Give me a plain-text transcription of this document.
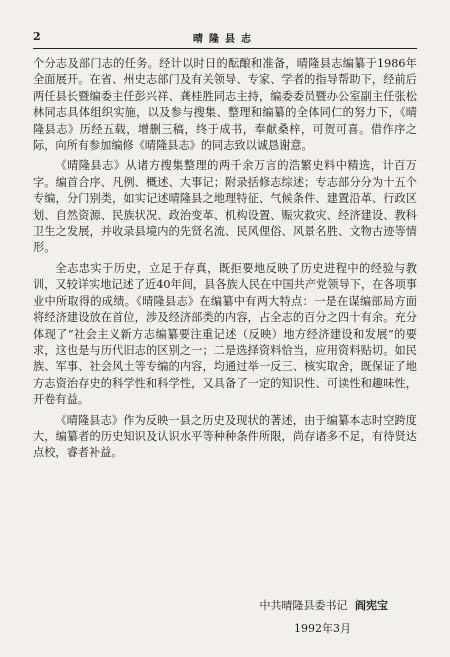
2	晴隆县志

个分志及部门志的任务。经计以时日的酝酿和准备，晴隆县志编纂于1986年全面展开。在省、州史志部门及有关领导、专家、学者的指导帮助下，经前后两任县长暨编委主任彭兴祥、龚桂胜同志主持，编委委员暨办公室副主任张松林同志具体组织实施，以及参与搜集、整理和编纂的全体同仁的努力下，《晴隆县志》历经五载，增删三稿，终于成书，奉献桑梓，可贺可喜。借作序之际，向所有参加编修《晴隆县志》的同志致以诚恳谢意。

《晴隆县志》从诸方搜集整理的两千余万言的浩繁史料中精选，计百万字。编首合序、凡例、概述、大事记；附录括修志综述；专志部分分为十五个专编，分门别类，如实记述晴隆县之地理特征、气候条件、建置沿革、行政区划、自然资源、民族状况、政治变革、机构设置、赈灾救灾、经济建设、教科卫生之发展，并收录县境内的先贤名流、民风俚俗、风景名胜、文物古迹等情形。

全志忠实于历史，立足于存真，既拒要地反映了历史进程中的经验与教训，又较详实地记述了近40年间，县各族人民在中国共产党领导下，在各项事业中所取得的成绩。《晴隆县志》在编纂中有两大特点：一是在谋编部局方面将经济建设放在首位，涉及经济部类的内容，占全志的百分之四十有余。充分体现了“社会主义新方志编纂要注重记述（反映）地方经济建设和发展”的要求，这也是与历代旧志的区别之一；二是选择资料恰当，应用资料贴切。如民族、军事、社会风土等专编的内容，均通过举一反三、核实取舍，既保证了地方志资治存史的科学性和科学性，又具备了一定的知识性、可读性和趣味性，开卷有益。

《晴隆县志》作为反映一县之历史及现状的著述，由于编纂本志时空跨度大，编纂者的历史知识及认识水平等种种条件所限，尚存诸多不足，有待贤达点校，睿者补益。

中共晴隆县委书记 阎宪宝
1992年3月
